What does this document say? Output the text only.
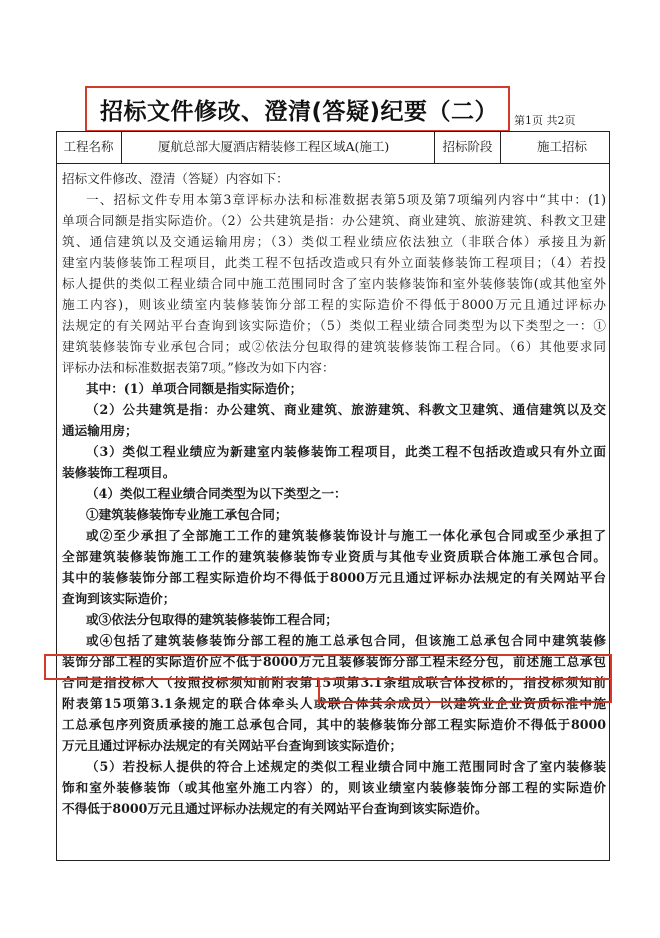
招标文件修改、澄清(答疑)纪要（二） 第1页 共2页
工程名称	厦航总部大厦酒店精装修工程区域A(施工)	招标阶段	施工招标

招标文件修改、澄清（答疑）内容如下：

一、招标文件专用本第3章评标办法和标准数据表第5项及第7项编列内容中“其中：(1)

单项合同额是指实际造价。（2）公共建筑是指：办公建筑、商业建筑、旅游建筑、科教文卫建

筑、通信建筑以及交通运输用房；（3）类似工程业绩应依法独立（非联合体）承接且为新

建室内装修装饰工程项目，此类工程不包括改造或只有外立面装修装饰工程项目；（4）若投

标人提供的类似工程业绩合同中施工范围同时含了室内装修装饰和室外装修装饰(或其他室外

施工内容)，则该业绩室内装修装饰分部工程的实际造价不得低于8000万元且通过评标办

法规定的有关网站平台查询到该实际造价；（5）类似工程业绩合同类型为以下类型之一：①

建筑装修装饰专业承包合同；或②依法分包取得的建筑装修装饰工程合同。（6）其他要求同

评标办法和标准数据表第7项。”修改为如下内容：

其中：(1）单项合同额是指实际造价；

（2）公共建筑是指：办公建筑、商业建筑、旅游建筑、科教文卫建筑、通信建筑以及交

通运输用房；

（3）类似工程业绩应为新建室内装修装饰工程项目，此类工程不包括改造或只有外立面

装修装饰工程项目。

（4）类似工程业绩合同类型为以下类型之一：

①建筑装修装饰专业施工承包合同；

或②至少承担了全部施工工作的建筑装修装饰设计与施工一体化承包合同或至少承担了

全部建筑装修装饰施工工作的建筑装修装饰专业资质与其他专业资质联合体施工承包合同。

其中的装修装饰分部工程实际造价均不得低于8000万元且通过评标办法规定的有关网站平台

查询到该实际造价；

或③依法分包取得的建筑装修装饰工程合同；

或④包括了建筑装修装饰分部工程的施工总承包合同，但该施工总承包合同中建筑装修

装饰分部工程的实际造价应不低于8000万元且装修装饰分部工程未经分包，前述施工总承包

合同是指投标人（按照投标须知前附表第15项第3.1条组成联合体投标的，指投标须知前

附表第15项第3.1条规定的联合体牵头人或联合体其余成员）以建筑业企业资质标准中施

工总承包序列资质承接的施工总承包合同，其中的装修装饰分部工程实际造价不得低于8000

万元且通过评标办法规定的有关网站平台查询到该实际造价；

（5）若投标人提供的符合上述规定的类似工程业绩合同中施工范围同时含了室内装修装

饰和室外装修装饰（或其他室外施工内容）的，则该业绩室内装修装饰分部工程的实际造价

不得低于8000万元且通过评标办法规定的有关网站平台查询到该实际造价。
